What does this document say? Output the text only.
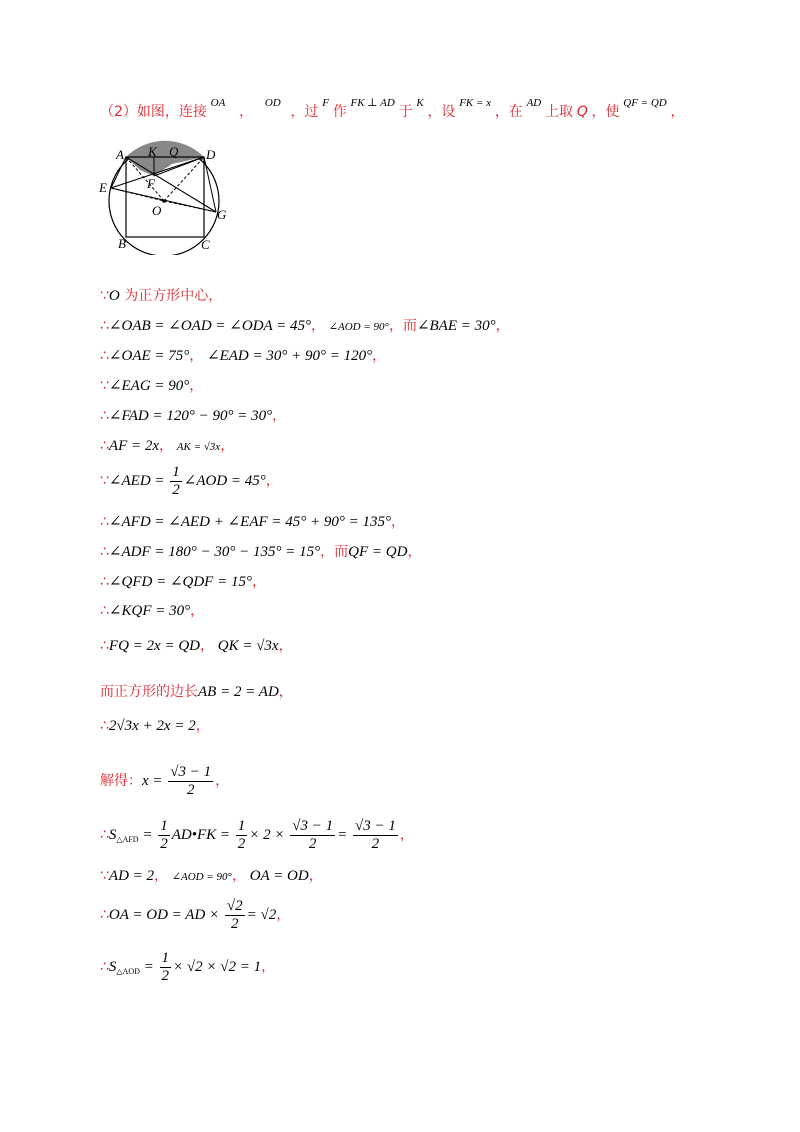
（2）如图，连接 $^{OA}$ ， $^{OD}$ ，过 $^F$ 作 $^{FK \perp AD}$ 于 $^K$ ，设 $^{FK = x}$ ，在 $^{AD}$ 上取 Q ，使 $^{QF = QD}$ ，
A K Q D
E	F
O	G
B	C
∵O 为正方形中心，
∴∠OAB = ∠OAD = ∠ODA = 45°， ∠AOD = 90°，而∠BAE = 30°，
∴∠OAE = 75°， ∠EAD = 30° + 90° = 120°，
∵∠EAG = 90°，
∴∠FAD = 120° − 90° = 30°，
∴AF = 2x， AK = √3x，
∵∠AED = $\frac{1}{2}$ ∠AOD = 45°，
∴∠AFD = ∠AED + ∠EAF = 45° + 90° = 135°，
∴∠ADF = 180° − 30° − 135° = 15°，而QF = QD，
∴∠QFD = ∠QDF = 15°，
∴∠KQF = 30°，
∴FQ = 2x = QD， QK = √3x，
而正方形的边长AB = 2 = AD，
∴2√3x + 2x = 2，
解得：$x = \frac{√3 - 1}{2}$ ，
$\therefore S_{\triangle AFD} = \frac{1}{2}$ AD•FK = $\frac{1}{2} \times 2 \times \frac{√3 - 1}{2} = \frac{√3 - 1}{2}$ ，
∵AD = 2， ∠AOD = 90°， OA = OD，
∴OA = OD = AD × $\frac{√2}{2} = √2$，
$\therefore S_{\triangle AOD} = \frac{1}{2} \times √2 \times √2 = 1$，
